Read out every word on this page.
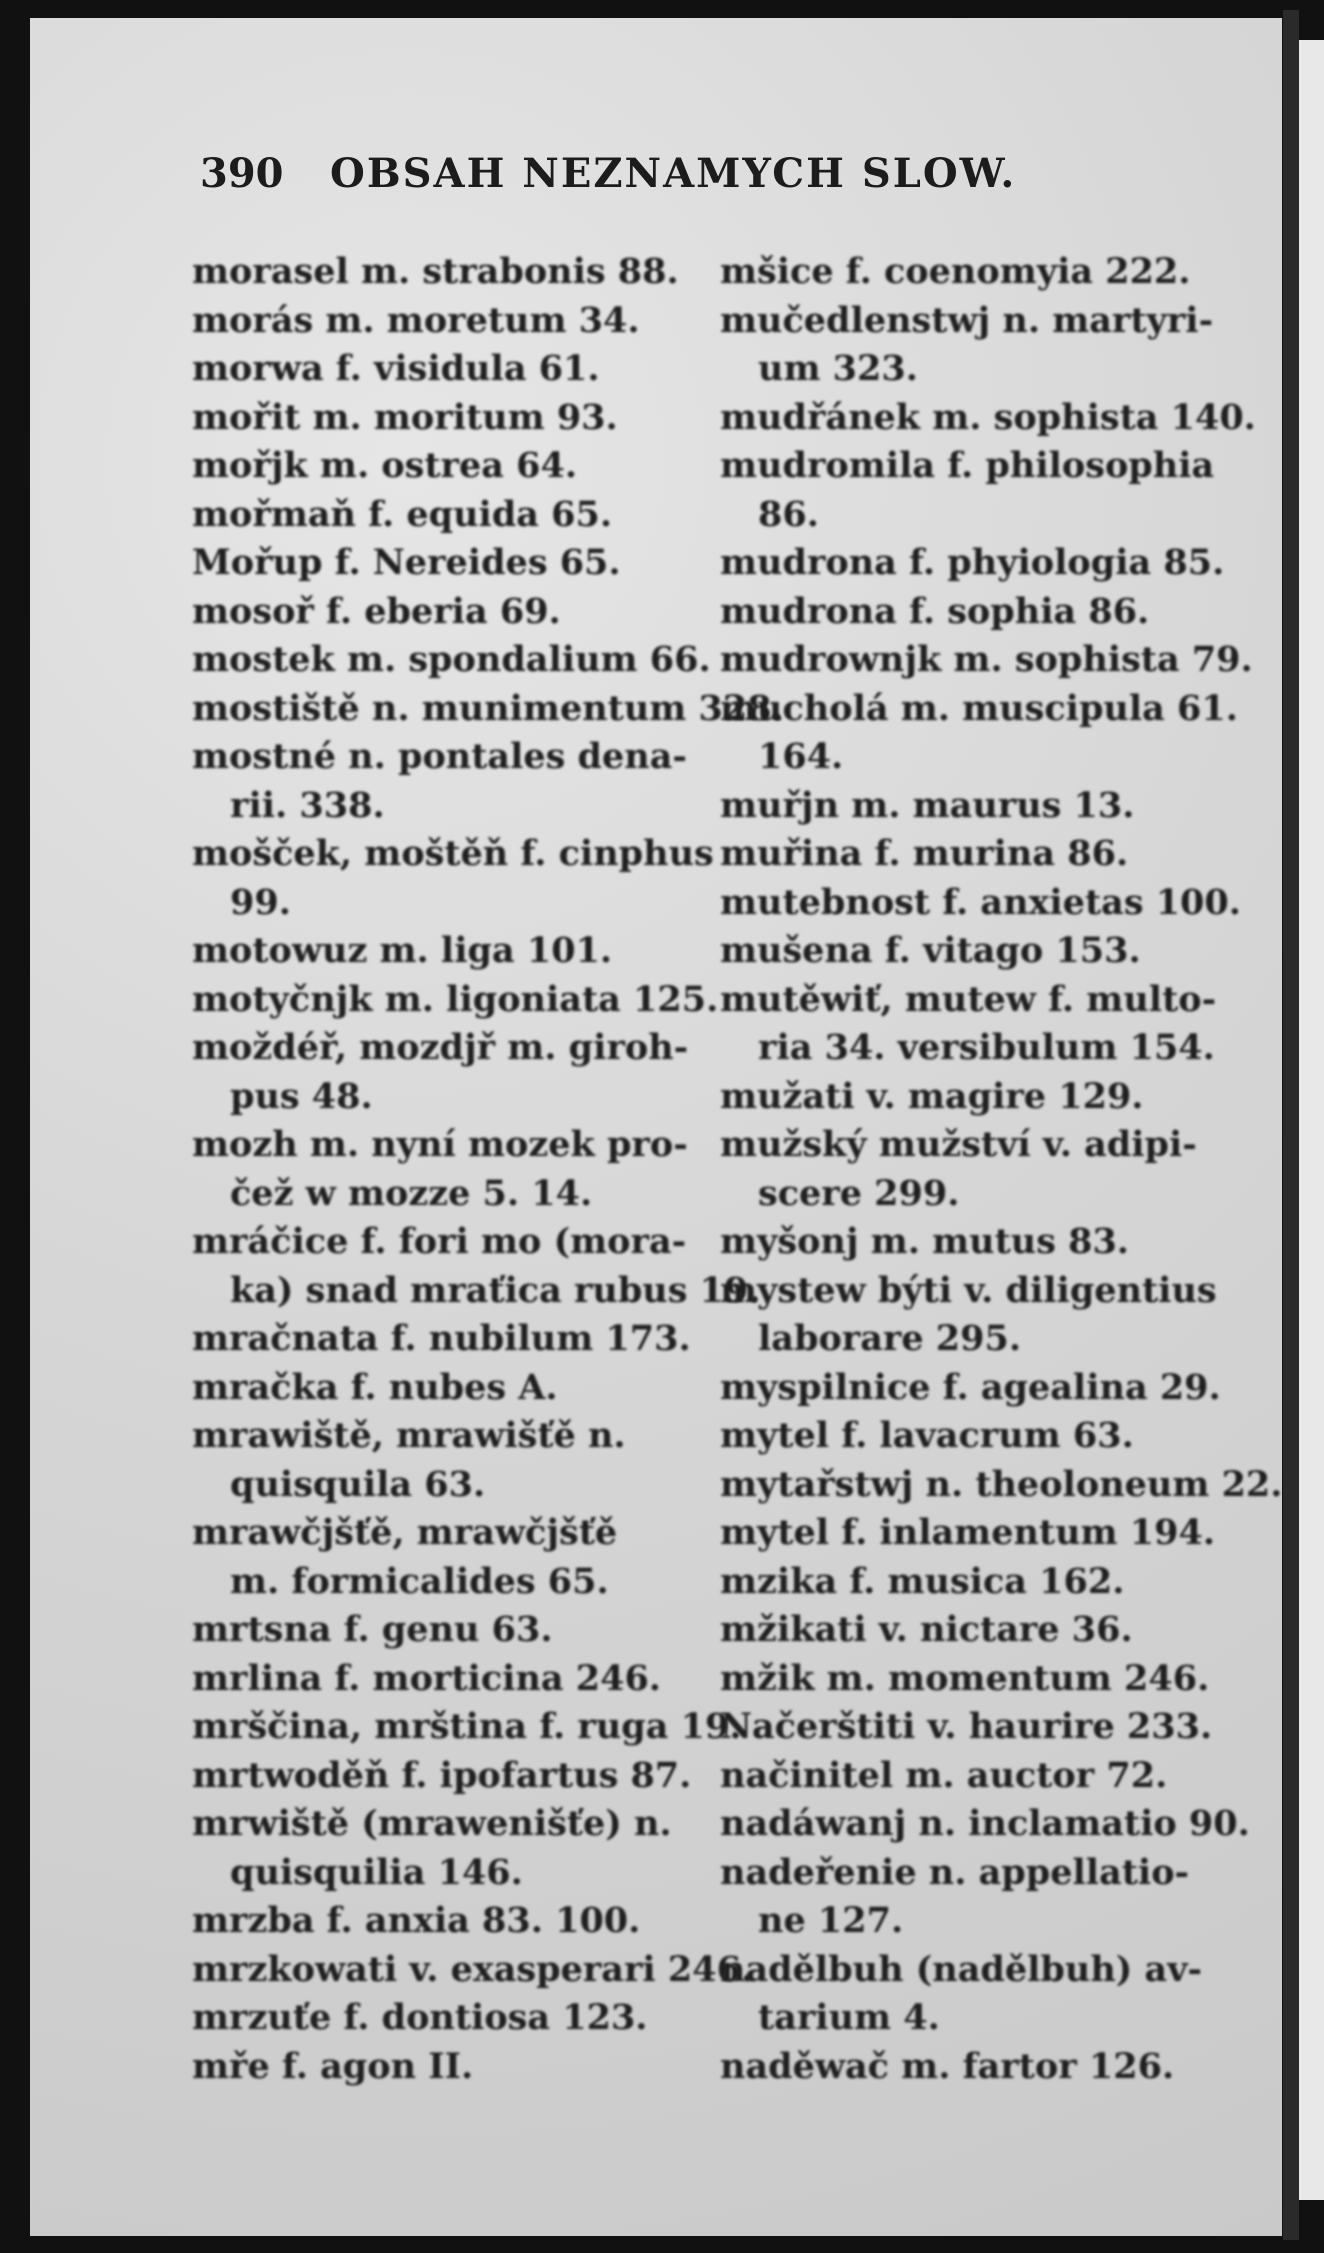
390	OBSAH NEZNAMYCH SLOW.
morasel m. strabonis 88.
morás m. moretum 34.
morwa f. visidula 61.
mořit m. moritum 93.
mořjk m. ostrea 64.
mořmaň f. equida 65.
Mořup f. Nereides 65.
mosoř f. eberia 69.
mostek m. spondalium 66.
mostiště n. munimentum 328.
mostné n. pontales dena-
rii. 338.
mošček, moštěň f. cinphus
99.
motowuz m. liga 101.
motyčnjk m. ligoniata 125.
moždéř, mozdjř m. giroh-
pus 48.
mozh m. nyní mozek pro-
čež w mozze 5. 14.
mráčice f. fori mo (mora-
ka) snad mraťica rubus 19.
mračnata f. nubilum 173.
mračka f. nubes A.
mrawiště, mrawišťě n.
quisquila 63.
mrawčjšťě, mrawčjšťě
m. formicalides 65.
mrtsna f. genu 63.
mrlina f. morticina 246.
mrščina, mrština f. ruga 19.
mrtwoděň f. ipofartus 87.
mrwiště (mrawenišťe) n.
quisquilia 146.
mrzba f. anxia 83. 100.
mrzkowati v. exasperari 246.
mrzuťe f. dontiosa 123.
mře f. agon II.
mšice f. coenomyia 222.
mučedlenstwj n. martyri-
um 323.
mudřánek m. sophista 140.
mudromila f. philosophia
86.
mudrona f. phyiologia 85.
mudrona f. sophia 86.
mudrownjk m. sophista 79.
mucholá m. muscipula 61.
164.
muřjn m. maurus 13.
muřina f. murina 86.
mutebnost f. anxietas 100.
mušena f. vitago 153.
mutěwiť, mutew f. multo-
ria 34. versibulum 154.
mužati v. magire 129.
mužský mužství v. adipi-
scere 299.
myšonj m. mutus 83.
mystew býti v. diligentius
laborare 295.
myspilnice f. agealina 29.
mytel f. lavacrum 63.
mytařstwj n. theoloneum 22.
mytel f. inlamentum 194.
mzika f. musica 162.
mžikati v. nictare 36.
mžik m. momentum 246.
Načerštiti v. haurire 233.
načinitel m. auctor 72.
nadáwanj n. inclamatio 90.
nadeřenie n. appellatio-
ne 127.
nadělbuh (nadělbuh) av-
tarium 4.
naděwač m. fartor 126.
